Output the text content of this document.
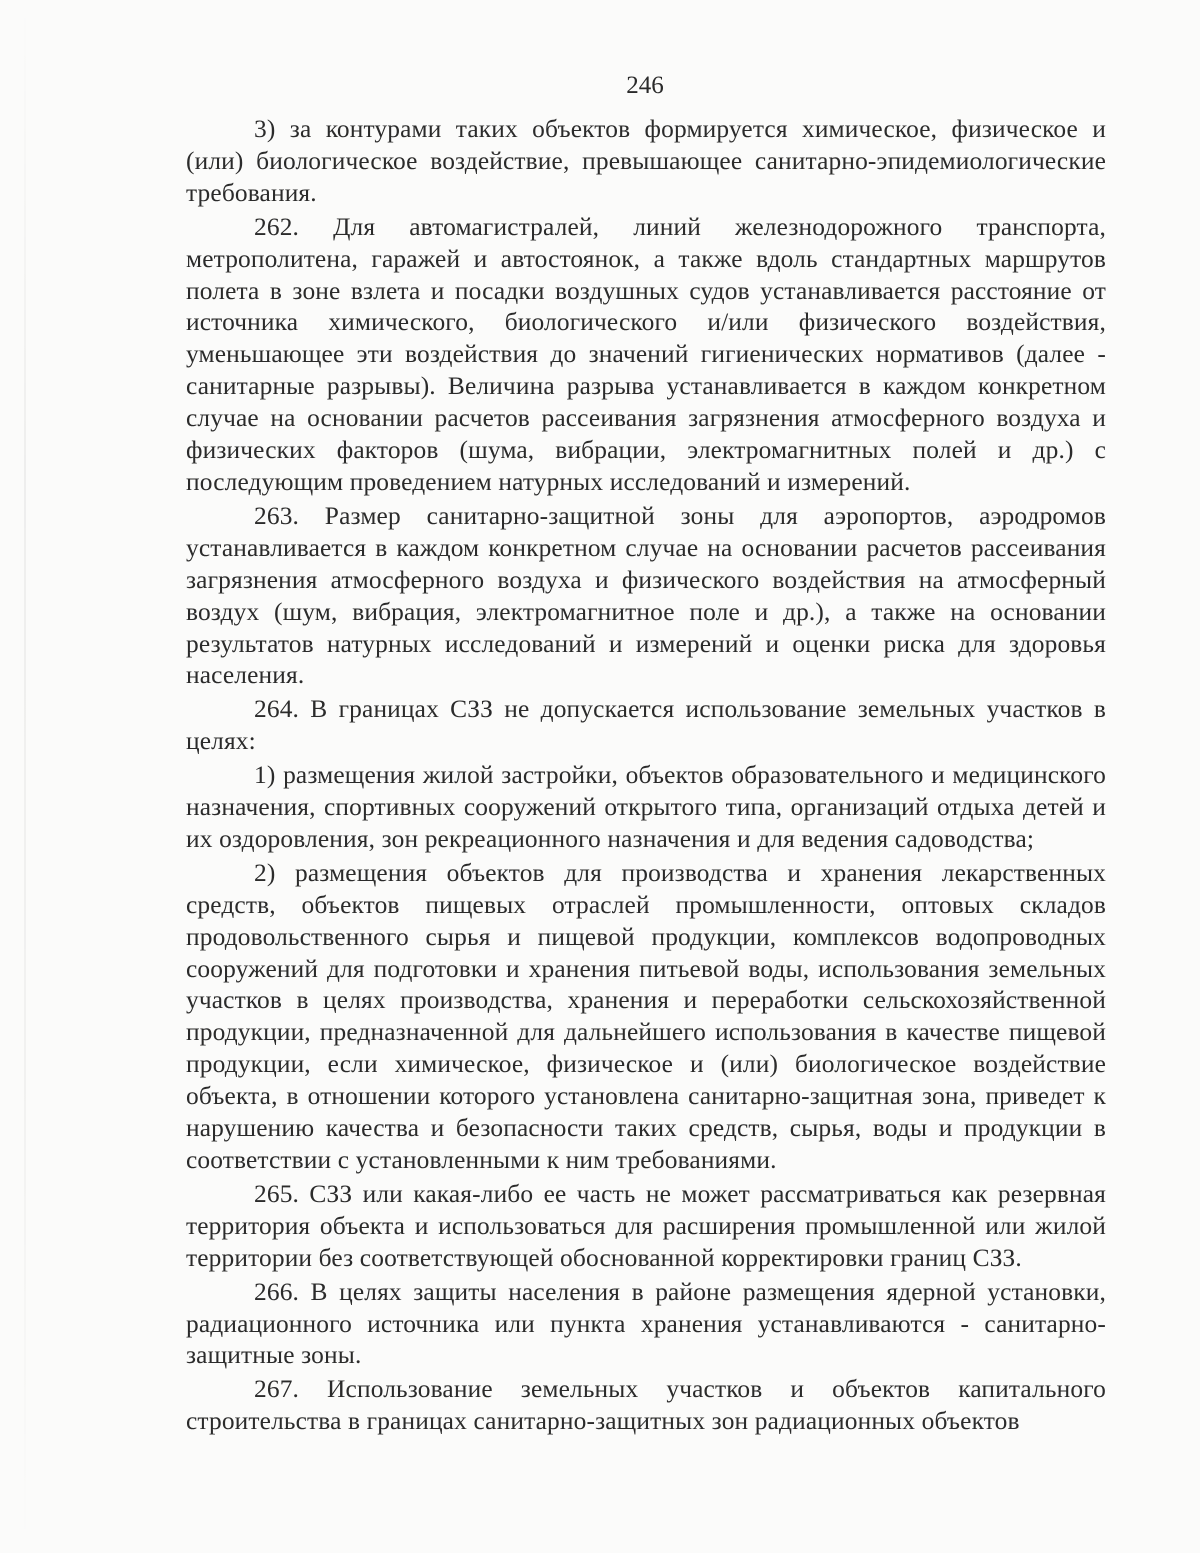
246

3) за контурами таких объектов формируется химическое, физическое и (или) биологическое воздействие, превышающее санитарно-эпидемиологические требования.

262. Для автомагистралей, линий железнодорожного транспорта, метрополитена, гаражей и автостоянок, а также вдоль стандартных маршрутов полета в зоне взлета и посадки воздушных судов устанавливается расстояние от источника химического, биологического и/или физического воздействия, уменьшающее эти воздействия до значений гигиенических нормативов (далее - санитарные разрывы). Величина разрыва устанавливается в каждом конкретном случае на основании расчетов рассеивания загрязнения атмосферного воздуха и физических факторов (шума, вибрации, электромагнитных полей и др.) с последующим проведением натурных исследований и измерений.

263. Размер санитарно-защитной зоны для аэропортов, аэродромов устанавливается в каждом конкретном случае на основании расчетов рассеивания загрязнения атмосферного воздуха и физического воздействия на атмосферный воздух (шум, вибрация, электромагнитное поле и др.), а также на основании результатов натурных исследований и измерений и оценки риска для здоровья населения.

264. В границах СЗЗ не допускается использование земельных участков в целях:

1) размещения жилой застройки, объектов образовательного и медицинского назначения, спортивных сооружений открытого типа, организаций отдыха детей и их оздоровления, зон рекреационного назначения и для ведения садоводства;

2) размещения объектов для производства и хранения лекарственных средств, объектов пищевых отраслей промышленности, оптовых складов продовольственного сырья и пищевой продукции, комплексов водопроводных сооружений для подготовки и хранения питьевой воды, использования земельных участков в целях производства, хранения и переработки сельскохозяйственной продукции, предназначенной для дальнейшего использования в качестве пищевой продукции, если химическое, физическое и (или) биологическое воздействие объекта, в отношении которого установлена санитарно-защитная зона, приведет к нарушению качества и безопасности таких средств, сырья, воды и продукции в соответствии с установленными к ним требованиями.

265. СЗЗ или какая-либо ее часть не может рассматриваться как резервная территория объекта и использоваться для расширения промышленной или жилой территории без соответствующей обоснованной корректировки границ СЗЗ.

266. В целях защиты населения в районе размещения ядерной установки, радиационного источника или пункта хранения устанавливаются - санитарно-защитные зоны.

267. Использование земельных участков и объектов капитального строительства в границах санитарно-защитных зон радиационных объектов
